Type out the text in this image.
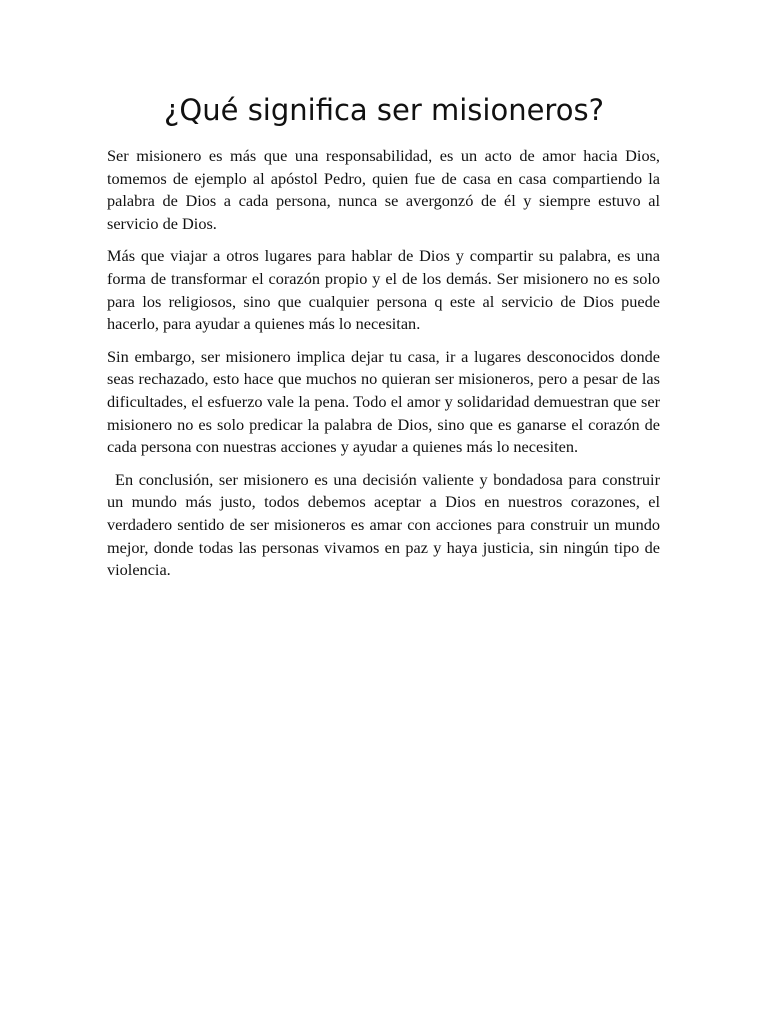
¿Qué significa ser misioneros?

Ser misionero es más que una responsabilidad, es un acto de amor hacia Dios, tomemos de ejemplo al apóstol Pedro, quien fue de casa en casa compartiendo la palabra de Dios a cada persona, nunca se avergonzó de él y siempre estuvo al servicio de Dios.

Más que viajar a otros lugares para hablar de Dios y compartir su palabra, es una forma de transformar el corazón propio y el de los demás. Ser misionero no es solo para los religiosos, sino que cualquier persona q este al servicio de Dios puede hacerlo, para ayudar a quienes más lo necesitan.

Sin embargo, ser misionero implica dejar tu casa, ir a lugares desconocidos donde seas rechazado, esto hace que muchos no quieran ser misioneros, pero a pesar de las dificultades, el esfuerzo vale la pena. Todo el amor y solidaridad demuestran que ser misionero no es solo predicar la palabra de Dios, sino que es ganarse el corazón de cada persona con nuestras acciones y ayudar a quienes más lo necesiten.

En conclusión, ser misionero es una decisión valiente y bondadosa para construir un mundo más justo, todos debemos aceptar a Dios en nuestros corazones, el verdadero sentido de ser misioneros es amar con acciones para construir un mundo mejor, donde todas las personas vivamos en paz y haya justicia, sin ningún tipo de violencia.
